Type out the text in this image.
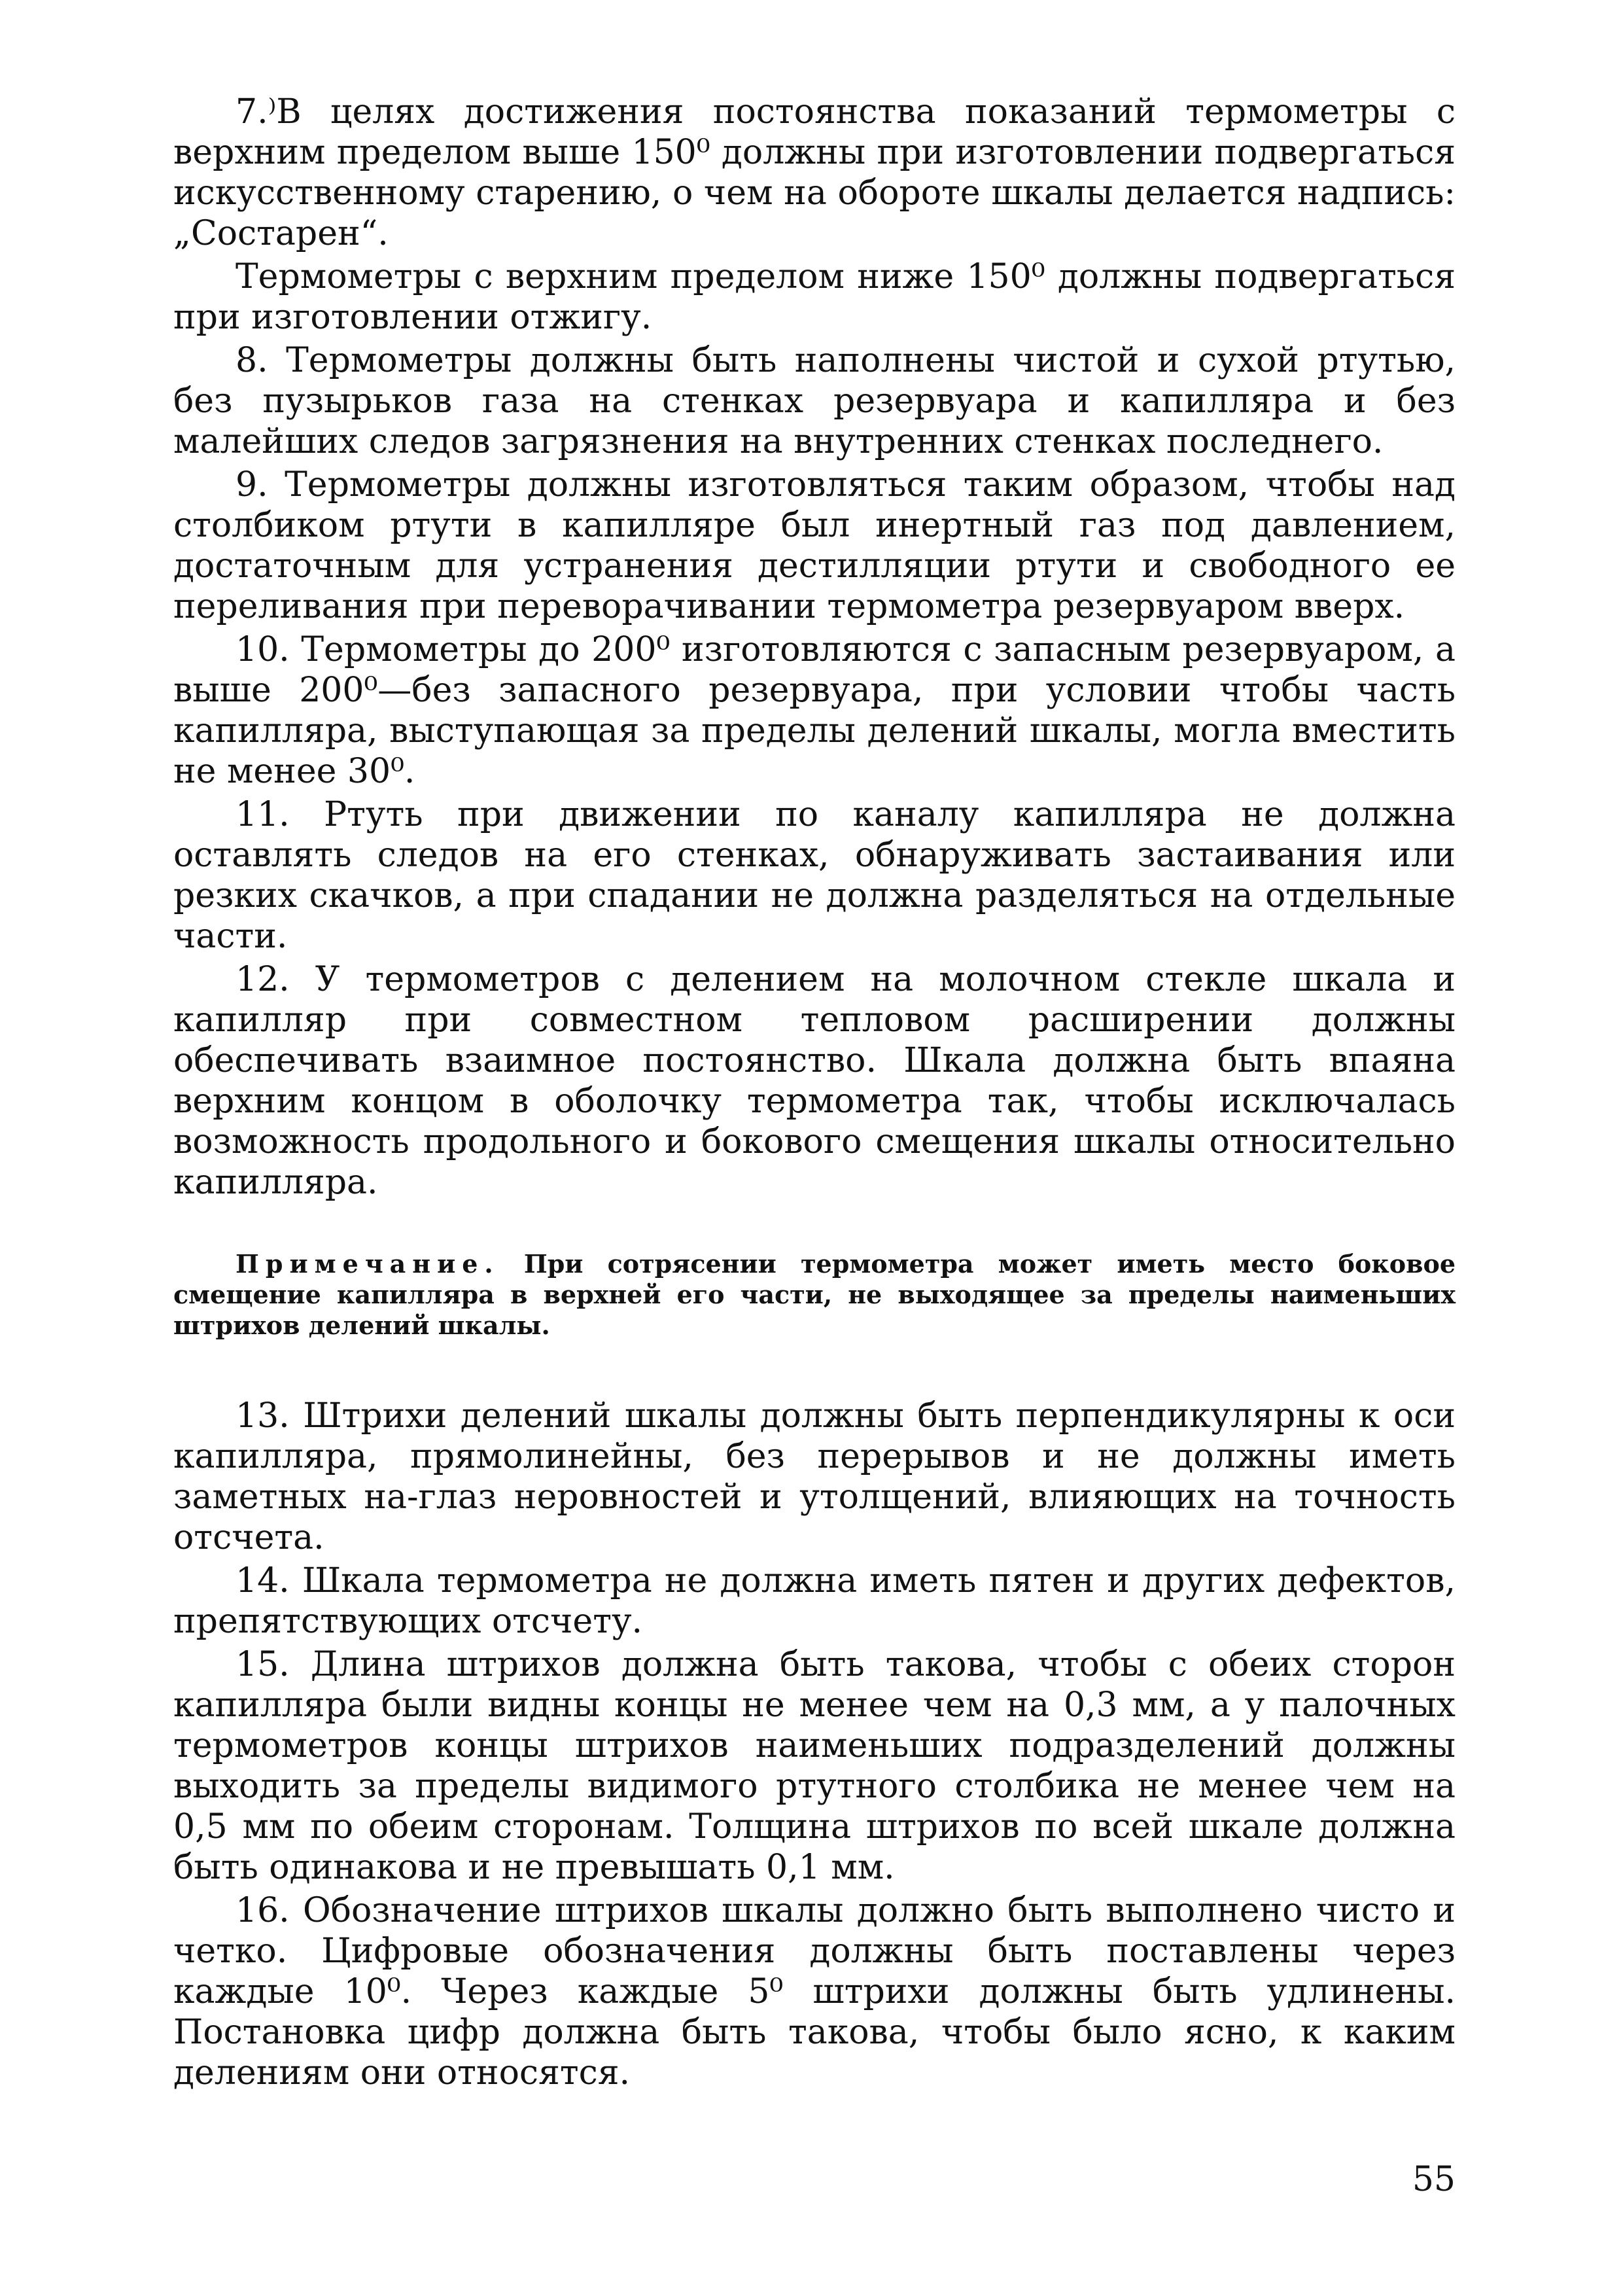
7.⁾В целях достижения постоянства показаний термометры с верхним пределом выше 150⁰ должны при изготовлении подвергаться искусственному старению, о чем на обороте шкалы делается надпись: „Состарен“.

Термометры с верхним пределом ниже 150⁰ должны подвергаться при изготовлении отжигу.

8. Термометры должны быть наполнены чистой и сухой ртутью, без пузырьков газа на стенках резервуара и капилляра и без малейших следов загрязнения на внутренних стенках последнего.

9. Термометры должны изготовляться таким образом, чтобы над столбиком ртути в капилляре был инертный газ под давлением, достаточным для устранения дестилляции ртути и свободного ее переливания при переворачивании термометра резервуаром вверх.

10. Термометры до 200⁰ изготовляются с запасным резервуаром, а выше 200⁰—без запасного резервуара, при условии чтобы часть капилляра, выступающая за пределы делений шкалы, могла вместить не менее 30⁰.

11. Ртуть при движении по каналу капилляра не должна оставлять следов на его стенках, обнаруживать застаивания или резких скачков, а при спадании не должна разделяться на отдельные части.

12. У термометров с делением на молочном стекле шкала и капилляр при совместном тепловом расширении должны обеспечивать взаимное постоянство. Шкала должна быть впаяна верхним концом в оболочку термометра так, чтобы исключалась возможность продольного и бокового смещения шкалы относительно капилляра.

Примечание. При сотрясении термометра может иметь место боковое смещение капилляра в верхней его части, не выходящее за пределы наименьших штрихов делений шкалы.

13. Штрихи делений шкалы должны быть перпендикулярны к оси капилляра, прямолинейны, без перерывов и не должны иметь заметных на-глаз неровностей и утолщений, влияющих на точность отсчета.

14. Шкала термометра не должна иметь пятен и других дефектов, препятствующих отсчету.

15. Длина штрихов должна быть такова, чтобы с обеих сторон капилляра были видны концы не менее чем на 0,3 мм, а у палочных термометров концы штрихов наименьших подразделений должны выходить за пределы видимого ртутного столбика не менее чем на 0,5 мм по обеим сторонам. Толщина штрихов по всей шкале должна быть одинакова и не превышать 0,1 мм.

16. Обозначение штрихов шкалы должно быть выполнено чисто и четко. Цифровые обозначения должны быть поставлены через каждые 10⁰. Через каждые 5⁰ штрихи должны быть удлинены. Постановка цифр должна быть такова, чтобы было ясно, к каким делениям они относятся.

55
